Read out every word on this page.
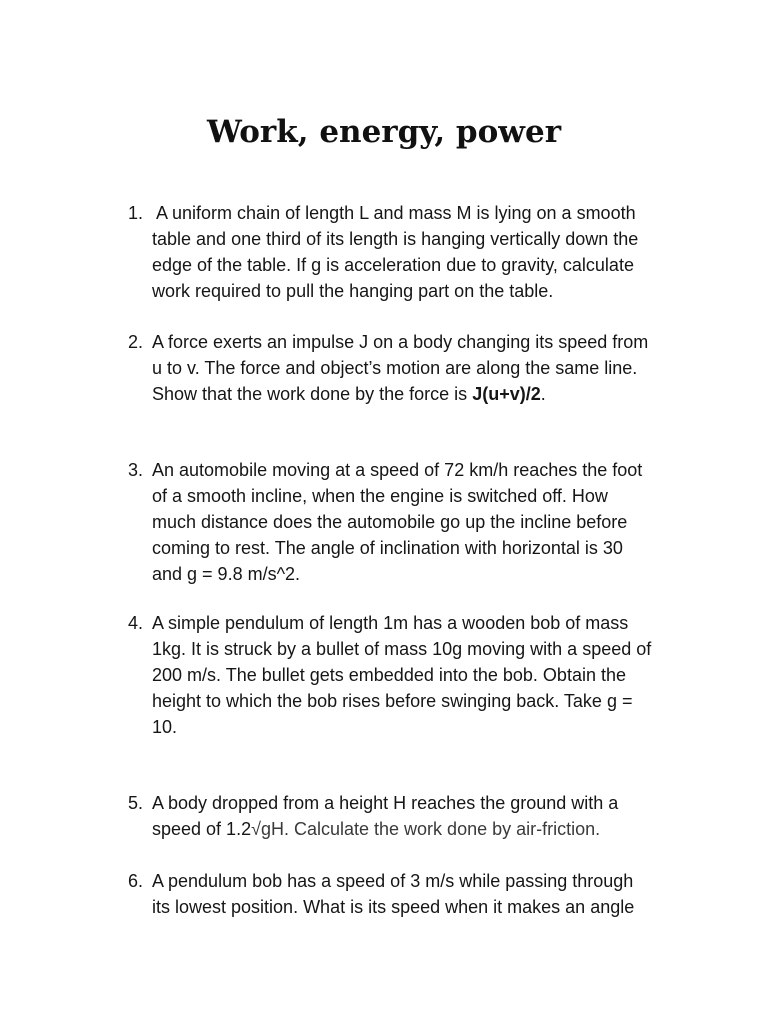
Work, energy, power
1. A uniform chain of length L and mass M is lying on a smooth
table and one third of its length is hanging vertically down the
edge of the table. If g is acceleration due to gravity, calculate
work required to pull the hanging part on the table.
2. A force exerts an impulse J on a body changing its speed from
u to v. The force and object’s motion are along the same line.
Show that the work done by the force is J(u+v)/2.
3. An automobile moving at a speed of 72 km/h reaches the foot
of a smooth incline, when the engine is switched off. How
much distance does the automobile go up the incline before
coming to rest. The angle of inclination with horizontal is 30
and g = 9.8 m/s^2.
4. A simple pendulum of length 1m has a wooden bob of mass
1kg. It is struck by a bullet of mass 10g moving with a speed of
200 m/s. The bullet gets embedded into the bob. Obtain the
height to which the bob rises before swinging back. Take g =
10.
5. A body dropped from a height H reaches the ground with a
speed of 1.2√gH. Calculate the work done by air-friction.
6. A pendulum bob has a speed of 3 m/s while passing through
its lowest position. What is its speed when it makes an angle
